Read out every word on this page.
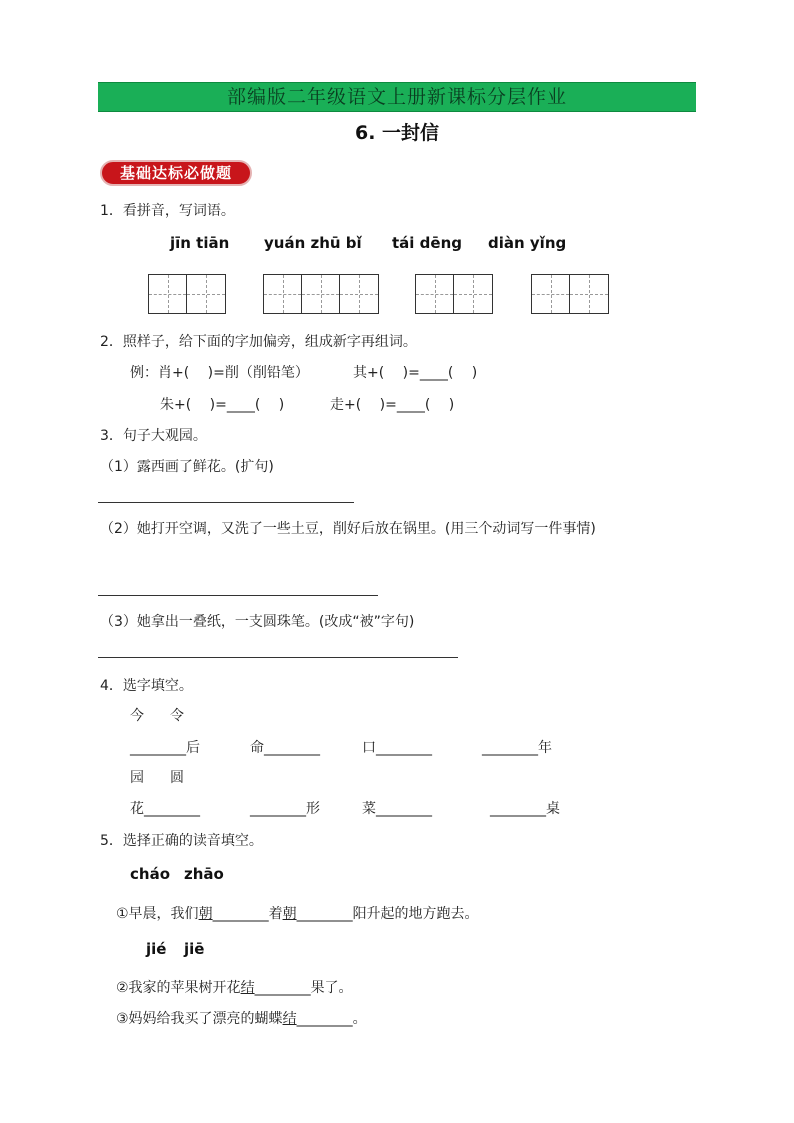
部编版二年级语文上册新课标分层作业
6. 一封信
基础达标必做题
1．看拼音，写词语。
jīn tiān yuán zhū bǐ tái dēng diàn yǐng
2．照样子，给下面的字加偏旁，组成新字再组词。
例：肖+(　 )=削（削铅笔）	其+(　 )=____(　 )
朱+(　 )=____(　 )	走+(　 )=____(　 )
3．句子大观园。
（1）露西画了鲜花。(扩句)
（2）她打开空调，又洗了一些土豆，削好后放在锅里。(用三个动词写一件事情)
（3）她拿出一叠纸，一支圆珠笔。(改成“被”字句)
4．选字填空。
今 令
________后	命________	口________	________年
园 圆
花________	________形	菜________	________桌
5．选择正确的读音填空。
cháo zhāo
①早晨，我们朝________着朝________阳升起的地方跑去。
jié jiē
②我家的苹果树开花结________果了。
③妈妈给我买了漂亮的蝴蝶结________。
